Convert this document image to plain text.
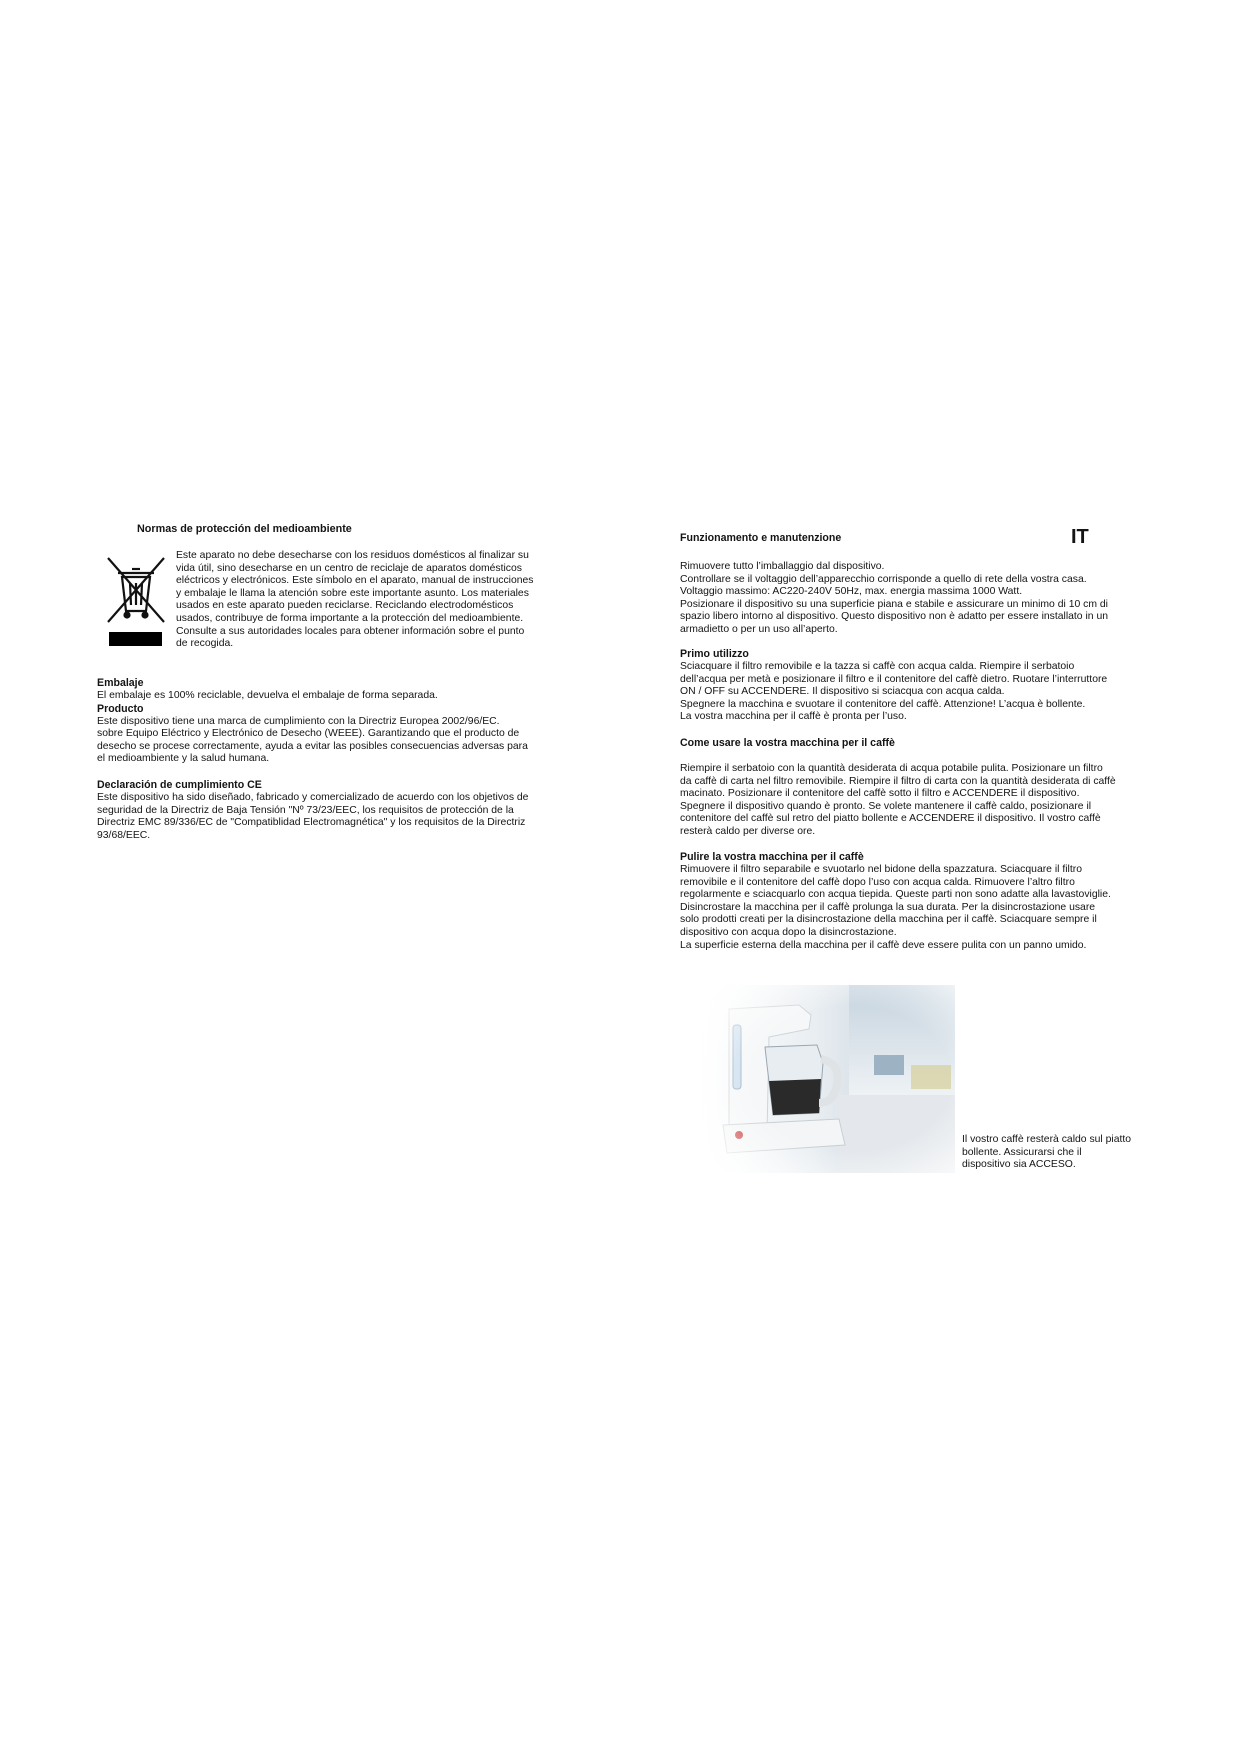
Normas de protección del medioambiente
Este aparato no debe desecharse con los residuos domésticos al finalizar su
vida útil, sino desecharse en un centro de reciclaje de aparatos domésticos
eléctricos y electrónicos. Este símbolo en el aparato, manual de instrucciones
y embalaje le llama la atención sobre este importante asunto. Los materiales
usados en este aparato pueden reciclarse. Reciclando electrodomésticos
usados, contribuye de forma importante a la protección del medioambiente.
Consulte a sus autoridades locales para obtener información sobre el punto
de recogida.
Embalaje
El embalaje es 100% reciclable, devuelva el embalaje de forma separada.
Producto
Este dispositivo tiene una marca de cumplimiento con la Directriz Europea 2002/96/EC.
sobre Equipo Eléctrico y Electrónico de Desecho (WEEE). Garantizando que el producto de
desecho se procese correctamente, ayuda a evitar las posibles consecuencias adversas para
el medioambiente y la salud humana.
Declaración de cumplimiento CE
Este dispositivo ha sido diseñado, fabricado y comercializado de acuerdo con los objetivos de
seguridad de la Directriz de Baja Tensión "Nº 73/23/EEC, los requisitos de protección de la
Directriz EMC 89/336/EC de "Compatiblidad Electromagnética" y los requisitos de la Directriz
93/68/EEC.
IT
Funzionamento e manutenzione
Rimuovere tutto l’imballaggio dal dispositivo.
Controllare se il voltaggio dell’apparecchio corrisponde a quello di rete della vostra casa.
Voltaggio massimo: AC220-240V 50Hz, max. energia massima 1000 Watt.
Posizionare il dispositivo su una superficie piana e stabile e assicurare un minimo di 10 cm di
spazio libero intorno al dispositivo. Questo dispositivo non è adatto per essere installato in un
armadietto o per un uso all’aperto.
Primo utilizzo
Sciacquare il filtro removibile e la tazza si caffè con acqua calda. Riempire il serbatoio
dell’acqua per metà e posizionare il filtro e il contenitore del caffè dietro. Ruotare l’interruttore
ON / OFF su ACCENDERE. Il dispositivo si sciacqua con acqua calda.
Spegnere la macchina e svuotare il contenitore del caffè. Attenzione! L’acqua è bollente.
La vostra macchina per il caffè è pronta per l’uso.
Come usare la vostra macchina per il caffè
Riempire il serbatoio con la quantità desiderata di acqua potabile pulita. Posizionare un filtro
da caffè di carta nel filtro removibile. Riempire il filtro di carta con la quantità desiderata di caffè
macinato. Posizionare il contenitore del caffè sotto il filtro e ACCENDERE il dispositivo.
Spegnere il dispositivo quando è pronto. Se volete mantenere il caffè caldo, posizionare il
contenitore del caffè sul retro del piatto bollente e ACCENDERE il dispositivo. Il vostro caffè
resterà caldo per diverse ore.
Pulire la vostra macchina per il caffè
Rimuovere il filtro separabile e svuotarlo nel bidone della spazzatura. Sciacquare il filtro
removibile e il contenitore del caffè dopo l’uso con acqua calda. Rimuovere l’altro filtro
regolarmente e sciacquarlo con acqua tiepida. Queste parti non sono adatte alla lavastoviglie.
Disincrostare la macchina per il caffè prolunga la sua durata. Per la disincrostazione usare
solo prodotti creati per la disincrostazione della macchina per il caffè. Sciacquare sempre il
dispositivo con acqua dopo la disincrostazione.
La superficie esterna della macchina per il caffè deve essere pulita con un panno umido.
Il vostro caffè resterà caldo sul piatto
bollente. Assicurarsi che il
dispositivo sia ACCESO.
